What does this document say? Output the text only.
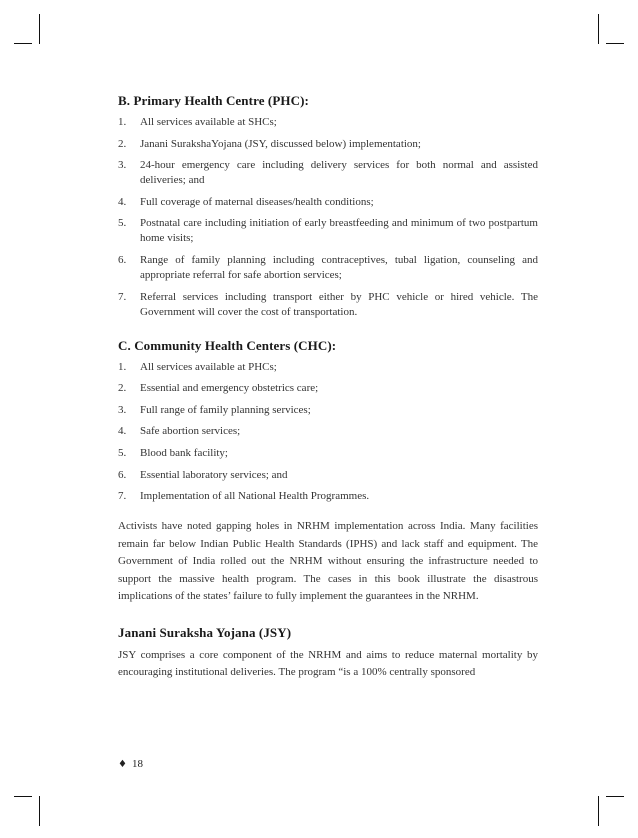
B. Primary Health Centre (PHC):
1. All services available at SHCs;
2. Janani SurakshaYojana (JSY, discussed below) implementation;
3. 24-hour emergency care including delivery services for both normal and assisted deliveries; and
4. Full coverage of maternal diseases/health conditions;
5. Postnatal care including initiation of early breastfeeding and minimum of two postpartum home visits;
6. Range of family planning including contraceptives, tubal ligation, counseling and appropriate referral for safe abortion services;
7. Referral services including transport either by PHC vehicle or hired vehicle. The Government will cover the cost of transportation.
C. Community Health Centers (CHC):
1. All services available at PHCs;
2. Essential and emergency obstetrics care;
3. Full range of family planning services;
4. Safe abortion services;
5. Blood bank facility;
6. Essential laboratory services; and
7. Implementation of all National Health Programmes.

Activists have noted gapping holes in NRHM implementation across India. Many facilities remain far below Indian Public Health Standards (IPHS) and lack staff and equipment. The Government of India rolled out the NRHM without ensuring the infrastructure needed to support the massive health program. The cases in this book illustrate the disastrous implications of the states’ failure to fully implement the guarantees in the NRHM.

Janani Suraksha Yojana (JSY)

JSY comprises a core component of the NRHM and aims to reduce maternal mortality by encouraging institutional deliveries. The program “is a 100% centrally sponsored

♦ 18
